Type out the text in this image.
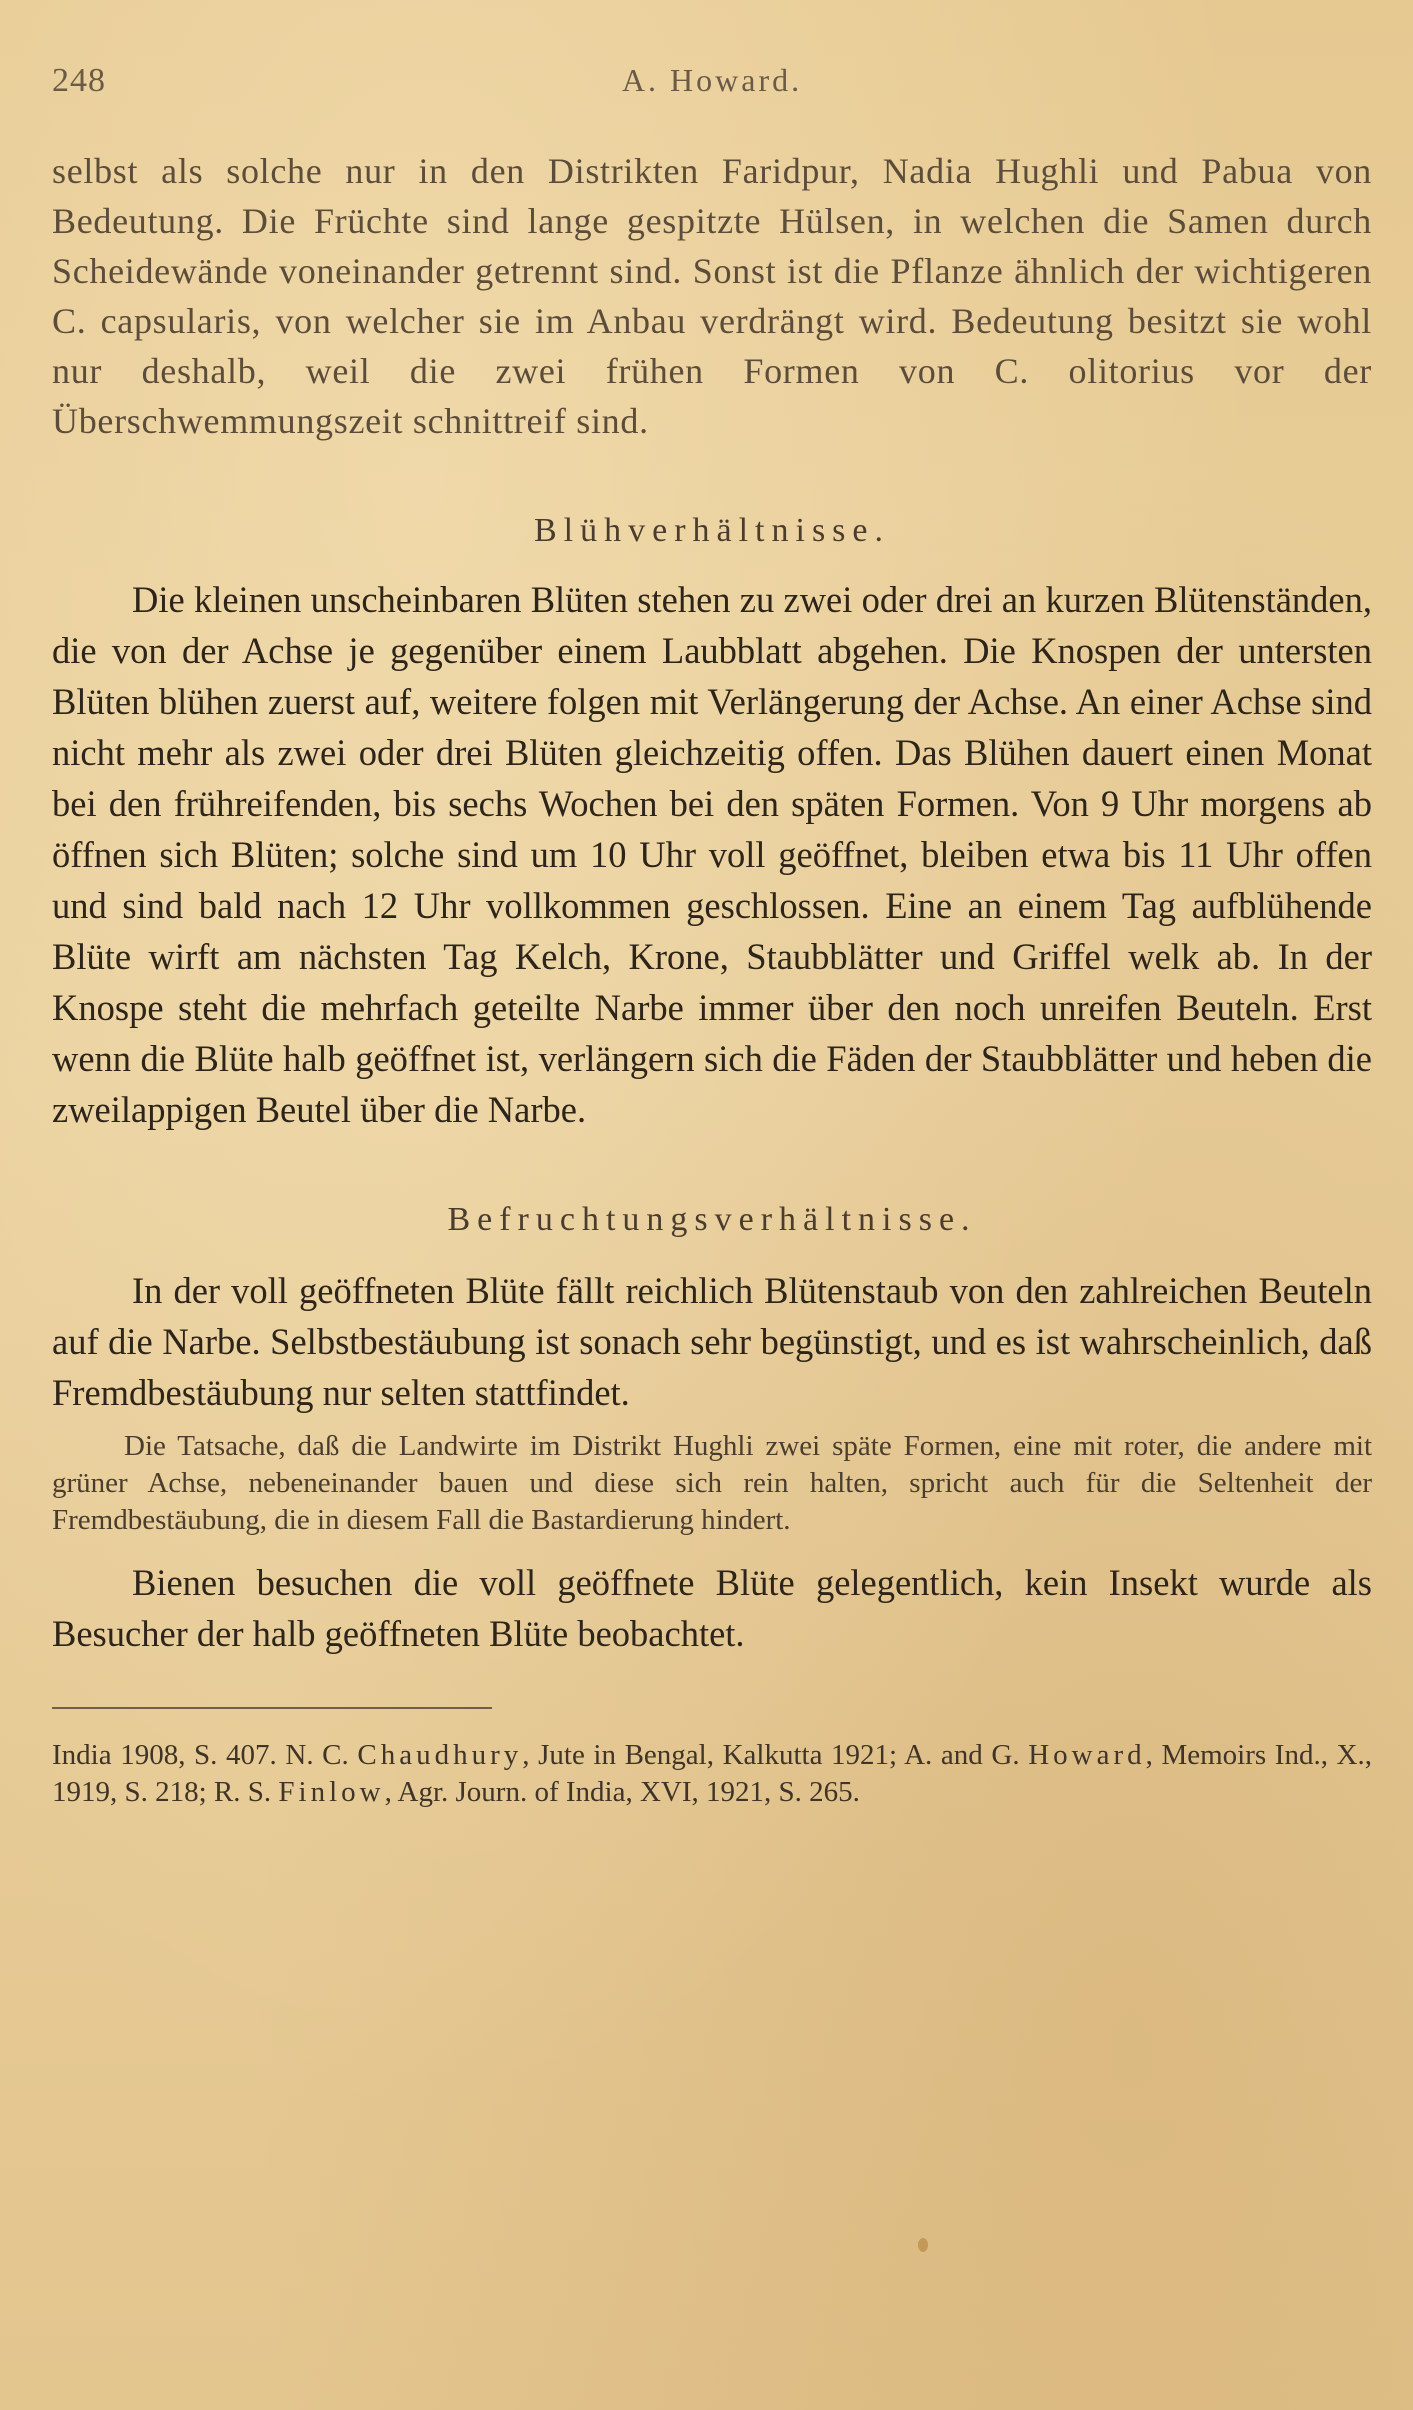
248	A. Howard.

selbst als solche nur in den Distrikten Faridpur, Nadia Hughli und Pabua von Bedeutung. Die Früchte sind lange gespitzte Hülsen, in welchen die Samen durch Scheidewände voneinander getrennt sind. Sonst ist die Pflanze ähnlich der wichtigeren C. capsularis, von welcher sie im Anbau verdrängt wird. Bedeutung besitzt sie wohl nur deshalb, weil die zwei frühen Formen von C. olitorius vor der Überschwemmungszeit schnittreif sind.

Blühverhältnisse.

Die kleinen unscheinbaren Blüten stehen zu zwei oder drei an kurzen Blütenständen, die von der Achse je gegenüber einem Laubblatt abgehen. Die Knospen der untersten Blüten blühen zuerst auf, weitere folgen mit Verlängerung der Achse. An einer Achse sind nicht mehr als zwei oder drei Blüten gleichzeitig offen. Das Blühen dauert einen Monat bei den frühreifenden, bis sechs Wochen bei den späten Formen. Von 9 Uhr morgens ab öffnen sich Blüten; solche sind um 10 Uhr voll geöffnet, bleiben etwa bis 11 Uhr offen und sind bald nach 12 Uhr vollkommen geschlossen. Eine an einem Tag aufblühende Blüte wirft am nächsten Tag Kelch, Krone, Staubblätter und Griffel welk ab. In der Knospe steht die mehrfach geteilte Narbe immer über den noch unreifen Beuteln. Erst wenn die Blüte halb geöffnet ist, verlängern sich die Fäden der Staubblätter und heben die zweilappigen Beutel über die Narbe.

Befruchtungsverhältnisse.

In der voll geöffneten Blüte fällt reichlich Blütenstaub von den zahlreichen Beuteln auf die Narbe. Selbstbestäubung ist sonach sehr begünstigt, und es ist wahrscheinlich, daß Fremdbestäubung nur selten stattfindet.

Die Tatsache, daß die Landwirte im Distrikt Hughli zwei späte Formen, eine mit roter, die andere mit grüner Achse, nebeneinander bauen und diese sich rein halten, spricht auch für die Seltenheit der Fremdbestäubung, die in diesem Fall die Bastardierung hindert.

Bienen besuchen die voll geöffnete Blüte gelegentlich, kein Insekt wurde als Besucher der halb geöffneten Blüte beobachtet.

India 1908, S. 407. N. C. Chaudhury, Jute in Bengal, Kalkutta 1921; A. and G. Howard, Memoirs Ind., X., 1919, S. 218; R. S. Finlow, Agr. Journ. of India, XVI, 1921, S. 265.
